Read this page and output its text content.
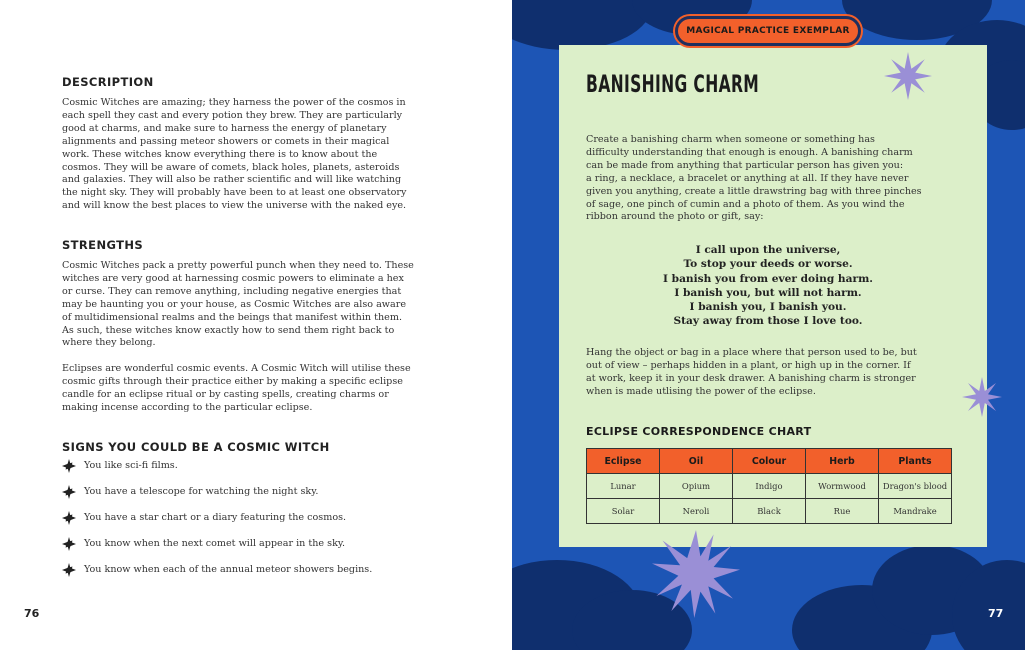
DESCRIPTION

Cosmic Witches are amazing; they harness the power of the cosmos in
each spell they cast and every potion they brew. They are particularly
good at charms, and make sure to harness the energy of planetary
alignments and passing meteor showers or comets in their magical
work. These witches know everything there is to know about the
cosmos. They will be aware of comets, black holes, planets, asteroids
and galaxies. They will also be rather scientific and will like watching
the night sky. They will probably have been to at least one observatory
and will know the best places to view the universe with the naked eye.

STRENGTHS

Cosmic Witches pack a pretty powerful punch when they need to. These
witches are very good at harnessing cosmic powers to eliminate a hex
or curse. They can remove anything, including negative energies that
may be haunting you or your house, as Cosmic Witches are also aware
of multidimensional realms and the beings that manifest within them.
As such, these witches know exactly how to send them right back to
where they belong.

Eclipses are wonderful cosmic events. A Cosmic Witch will utilise these
cosmic gifts through their practice either by making a specific eclipse
candle for an eclipse ritual or by casting spells, creating charms or
making incense according to the particular eclipse.

SIGNS YOU COULD BE A COSMIC WITCH
You like sci-fi films.
You have a telescope for watching the night sky.
You have a star chart or a diary featuring the cosmos.
You know when the next comet will appear in the sky.
You know when each of the annual meteor showers begins.
76
MAGICAL PRACTICE EXEMPLAR
BANISHING CHARM

Create a banishing charm when someone or something has
difficulty understanding that enough is enough. A banishing charm
can be made from anything that particular person has given you:
a ring, a necklace, a bracelet or anything at all. If they have never
given you anything, create a little drawstring bag with three pinches
of sage, one pinch of cumin and a photo of them. As you wind the
ribbon around the photo or gift, say:

I call upon the universe,
To stop your deeds or worse.
I banish you from ever doing harm.
I banish you, but will not harm.
I banish you, I banish you.
Stay away from those I love too.

Hang the object or bag in a place where that person used to be, but
out of view – perhaps hidden in a plant, or high up in the corner. If
at work, keep it in your desk drawer. A banishing charm is stronger
when is made utlising the power of the eclipse.

ECLIPSE CORRESPONDENCE CHART
Eclipse	Oil	Colour	Herb	Plants
Lunar	Opium	Indigo	Wormwood	Dragon's blood
Solar	Neroli	Black	Rue	Mandrake
77
